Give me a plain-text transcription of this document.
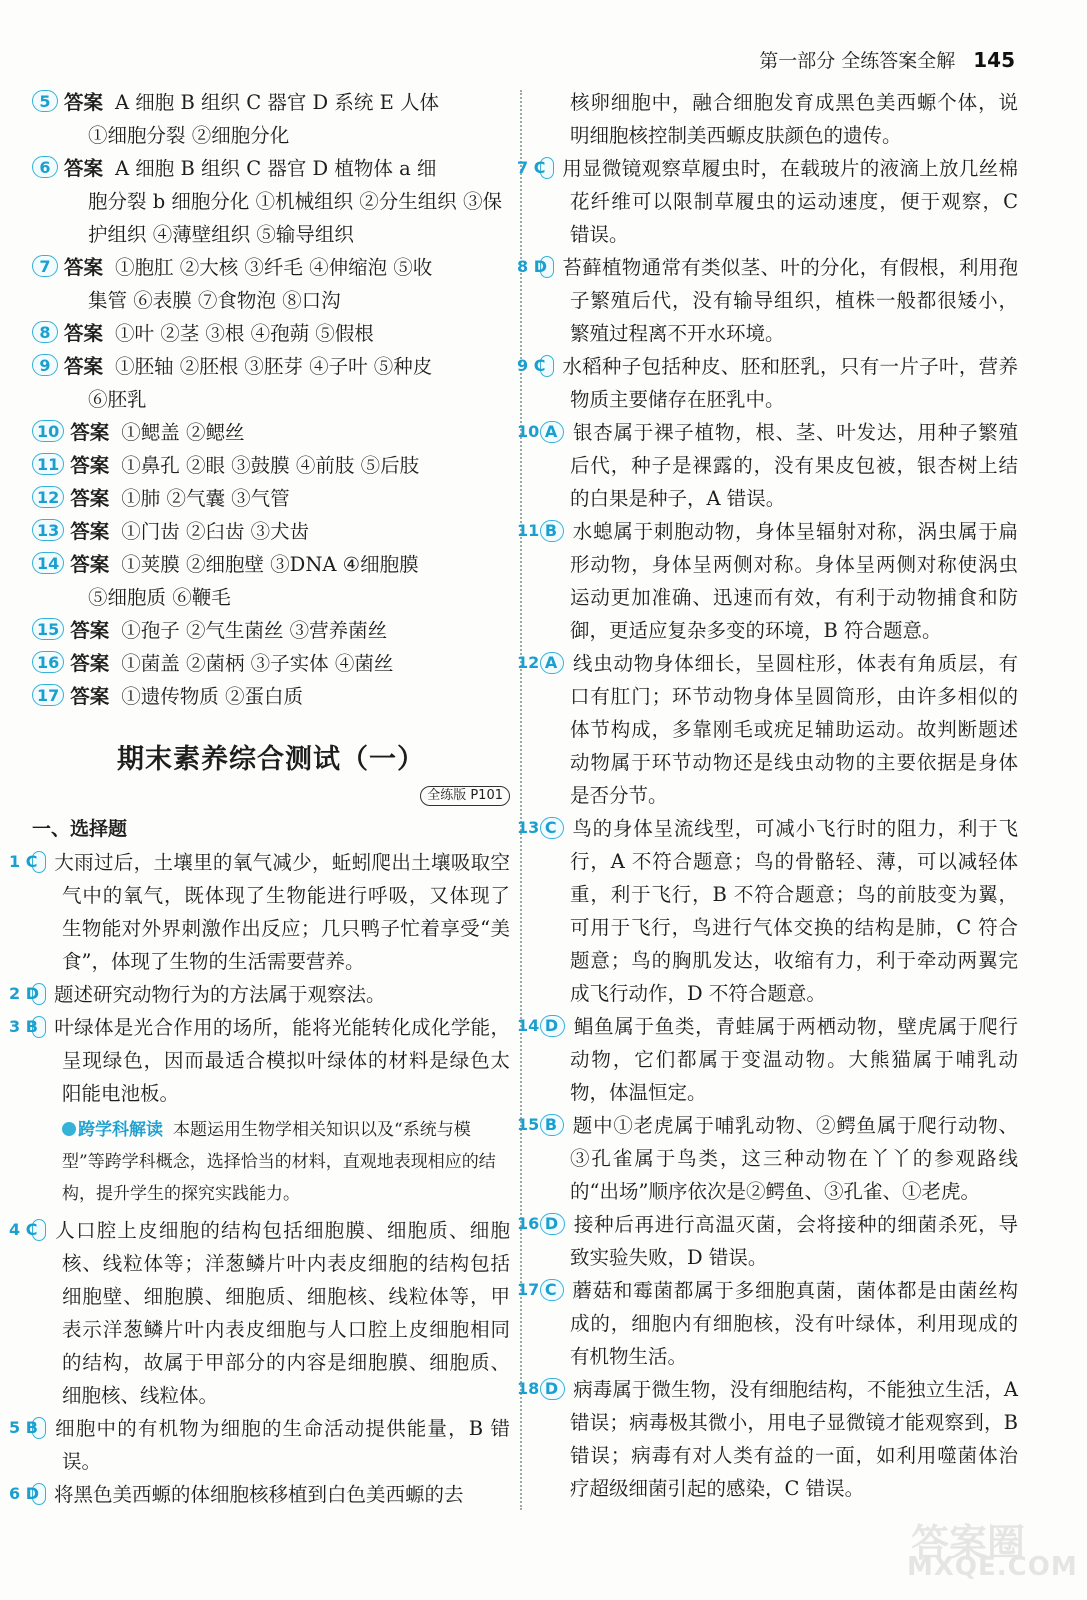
第一部分 全练答案全解 145
5 答案 A 细胞 B 组织 C 器官 D 系统 E 人体
①细胞分裂 ②细胞分化
6 答案 A 细胞 B 组织 C 器官 D 植物体 a 细
胞分裂 b 细胞分化 ①机械组织 ②分生组织 ③保护组织 ④薄壁组织 ⑤输导组织
7 答案 ①胞肛 ②大核 ③纤毛 ④伸缩泡 ⑤收
集管 ⑥表膜 ⑦食物泡 ⑧口沟
8 答案 ①叶 ②茎 ③根 ④孢蒴 ⑤假根
9 答案 ①胚轴 ②胚根 ③胚芽 ④子叶 ⑤种皮
⑥胚乳
10 答案 ①鳃盖 ②鳃丝
11 答案 ①鼻孔 ②眼 ③鼓膜 ④前肢 ⑤后肢
12 答案 ①肺 ②气囊 ③气管
13 答案 ①门齿 ②臼齿 ③犬齿
14 答案 ①荚膜 ②细胞壁 ③DNA ④细胞膜
⑤细胞质 ⑥鞭毛
15 答案 ①孢子 ②气生菌丝 ③营养菌丝
16 答案 ①菌盖 ②菌柄 ③子实体 ④菌丝
17 答案 ①遗传物质 ②蛋白质
期末素养综合测试（一）
全练版 P101
一、选择题
1 C 大雨过后，土壤里的氧气减少，蚯蚓爬出土壤吸取空气中的氧气，既体现了生物能进行呼吸，又体现了生物能对外界刺激作出反应；几只鸭子忙着享受“美食”，体现了生物的生活需要营养。
2 D 题述研究动物行为的方法属于观察法。
3 B 叶绿体是光合作用的场所，能将光能转化成化学能，呈现绿色，因而最适合模拟叶绿体的材料是绿色太阳能电池板。
跨学科解读 本题运用生物学相关知识以及“系统与模型”等跨学科概念，选择恰当的材料，直观地表现相应的结构，提升学生的探究实践能力。
4 C 人口腔上皮细胞的结构包括细胞膜、细胞质、细胞核、线粒体等；洋葱鳞片叶内表皮细胞的结构包括细胞壁、细胞膜、细胞质、细胞核、线粒体等，甲表示洋葱鳞片叶内表皮细胞与人口腔上皮细胞相同的结构，故属于甲部分的内容是细胞膜、细胞质、细胞核、线粒体。
5 B 细胞中的有机物为细胞的生命活动提供能量，B 错误。
6 D 将黑色美西螈的体细胞核移植到白色美西螈的去
核卵细胞中，融合细胞发育成黑色美西螈个体，说明细胞核控制美西螈皮肤颜色的遗传。
7 C 用显微镜观察草履虫时，在载玻片的液滴上放几丝棉花纤维可以限制草履虫的运动速度，便于观察，C 错误。
8 D 苔藓植物通常有类似茎、叶的分化，有假根，利用孢子繁殖后代，没有输导组织，植株一般都很矮小，繁殖过程离不开水环境。
9 C 水稻种子包括种皮、胚和胚乳，只有一片子叶，营养物质主要储存在胚乳中。
10 A 银杏属于裸子植物，根、茎、叶发达，用种子繁殖后代，种子是裸露的，没有果皮包被，银杏树上结的白果是种子，A 错误。
11 B 水螅属于刺胞动物，身体呈辐射对称，涡虫属于扁形动物，身体呈两侧对称。身体呈两侧对称使涡虫运动更加准确、迅速而有效，有利于动物捕食和防御，更适应复杂多变的环境，B 符合题意。
12 A 线虫动物身体细长，呈圆柱形，体表有角质层，有口有肛门；环节动物身体呈圆筒形，由许多相似的体节构成，多靠刚毛或疣足辅助运动。故判断题述动物属于环节动物还是线虫动物的主要依据是身体是否分节。
13 C 鸟的身体呈流线型，可减小飞行时的阻力，利于飞行，A 不符合题意；鸟的骨骼轻、薄，可以减轻体重，利于飞行，B 不符合题意；鸟的前肢变为翼，可用于飞行，鸟进行气体交换的结构是肺，C 符合题意；鸟的胸肌发达，收缩有力，利于牵动两翼完成飞行动作，D 不符合题意。
14 D 鲳鱼属于鱼类，青蛙属于两栖动物，壁虎属于爬行动物，它们都属于变温动物。大熊猫属于哺乳动物，体温恒定。
15 B 题中①老虎属于哺乳动物、②鳄鱼属于爬行动物、③孔雀属于鸟类，这三种动物在丫丫的参观路线的“出场”顺序依次是②鳄鱼、③孔雀、①老虎。
16 D 接种后再进行高温灭菌，会将接种的细菌杀死，导致实验失败，D 错误。
17 C 蘑菇和霉菌都属于多细胞真菌，菌体都是由菌丝构成的，细胞内有细胞核，没有叶绿体，利用现成的有机物生活。
18 D 病毒属于微生物，没有细胞结构，不能独立生活，A 错误；病毒极其微小，用电子显微镜才能观察到，B 错误；病毒有对人类有益的一面，如利用噬菌体治疗超级细菌引起的感染，C 错误。
答案圈
MXQE.COM
